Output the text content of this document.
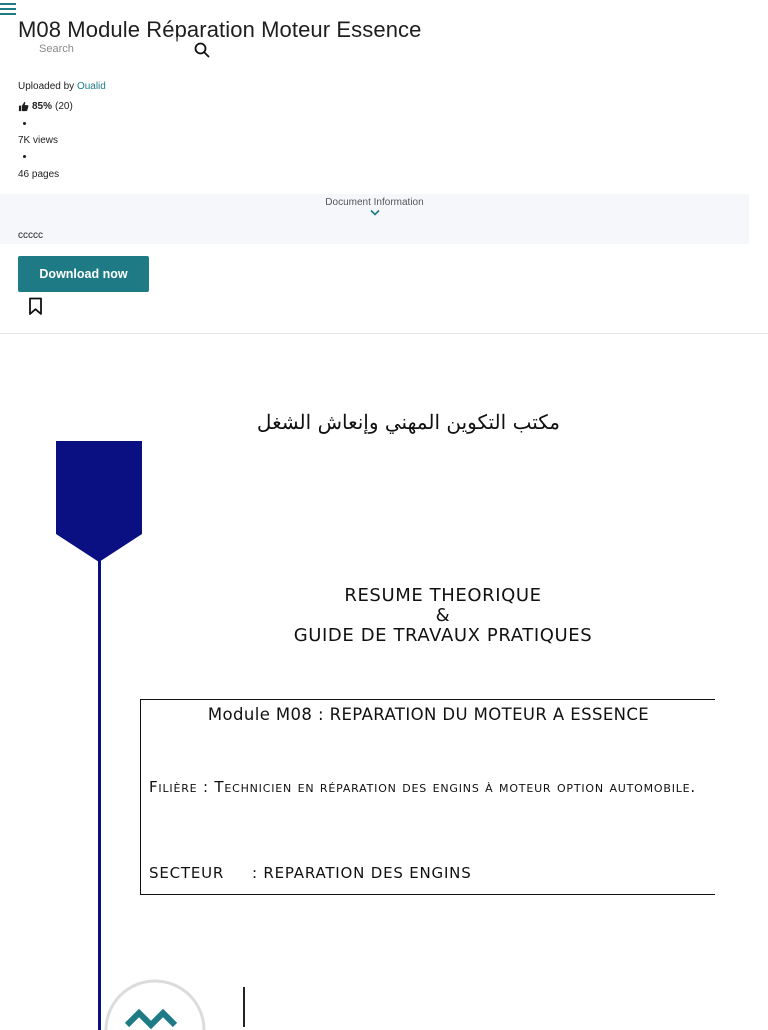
M08 Module Réparation Moteur Essence
Search
Uploaded by Oualid
85% (20)
7K views
46 pages
Document Information
ccccc
Download now
مكتب التكوين المهني وإنعاش الشغل
RESUME THEORIQUE
&
GUIDE DE TRAVAUX PRATIQUES
Module M08 : REPARATION DU MOTEUR A ESSENCE
Filière : Technicien en réparation des engins à moteur option automobile.
SECTEUR     : REPARATION DES ENGINS
